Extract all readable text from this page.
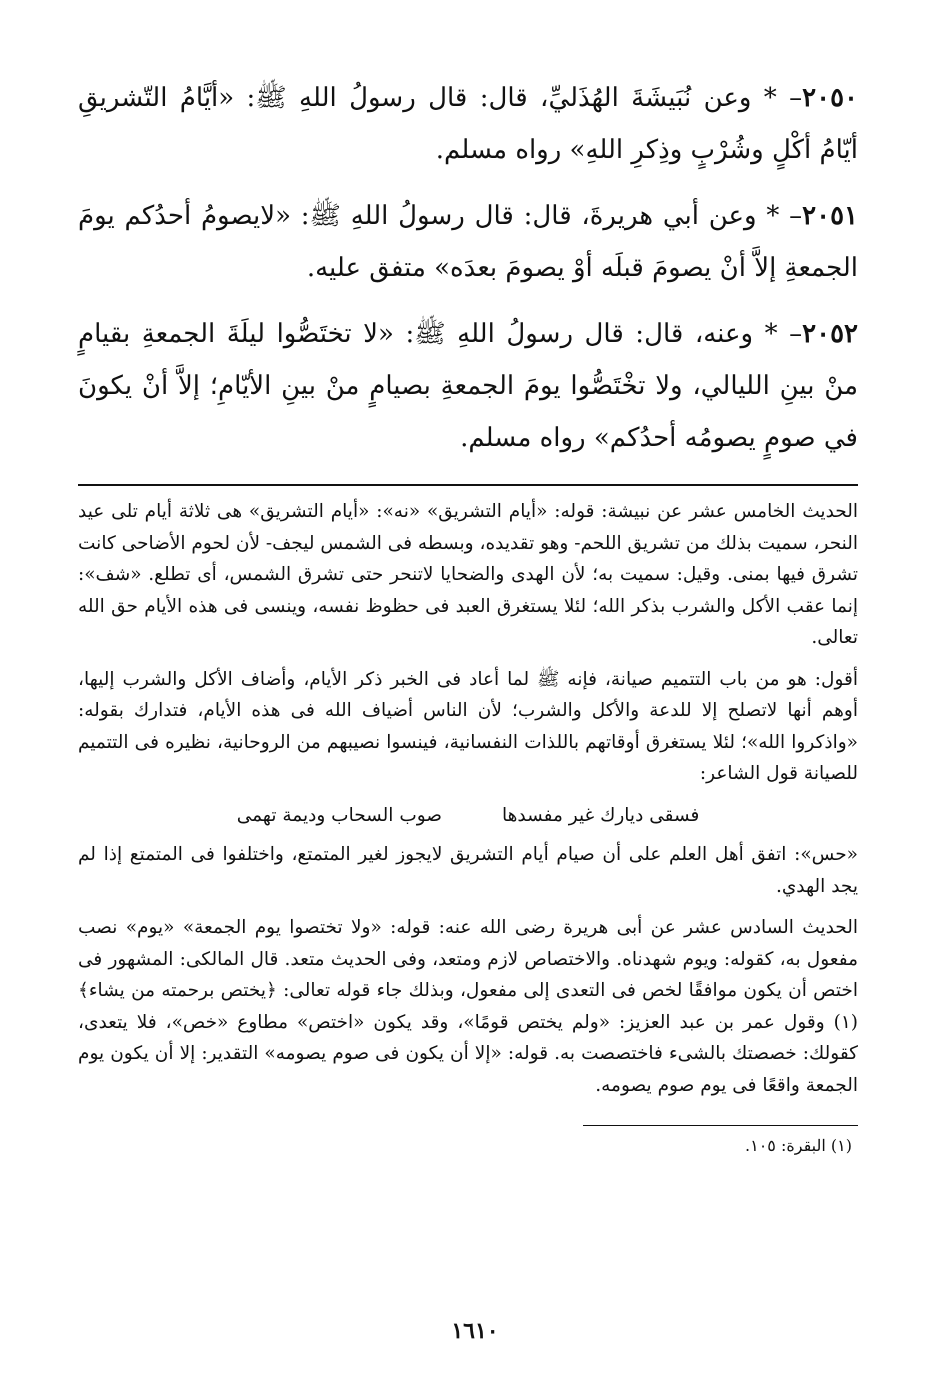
٢٠٥٠– * وعن نُبَيشَةَ الهُذَليِّ، قال: قال رسولُ اللهِ ﷺ: «أيَّامُ التّشريقِ أيّامُ أكْلٍ وشُرْبٍ وذِكرِ اللهِ» رواه مسلم.

٢٠٥١– * وعن أبي هريرةَ، قال: قال رسولُ اللهِ ﷺ: «لايصومُ أحدُكم يومَ الجمعةِ إلاَّ أنْ يصومَ قبلَه أوْ يصومَ بعدَه» متفق عليه.

٢٠٥٢– * وعنه، قال: قال رسولُ اللهِ ﷺ: «لا تختَصُّوا ليلَةَ الجمعةِ بقيامٍ منْ بينِ الليالي، ولا تخْتَصُّوا يومَ الجمعةِ بصيامٍ منْ بينِ الأيّامِ؛ إلاَّ أنْ يكونَ في صومٍ يصومُه أحدُكم» رواه مسلم.

الحديث الخامس عشر عن نبيشة: قوله: «أيام التشريق» «نه»: «أيام التشريق» هى ثلاثة أيام تلى عيد النحر، سميت بذلك من تشريق اللحم- وهو تقديده، وبسطه فى الشمس ليجف- لأن لحوم الأضاحى كانت تشرق فيها بمنى. وقيل: سميت به؛ لأن الهدى والضحايا لاتنحر حتى تشرق الشمس، أى تطلع. «شف»: إنما عقب الأكل والشرب بذكر الله؛ لئلا يستغرق العبد فى حظوظ نفسه، وينسى فى هذه الأيام حق الله تعالى.

أقول: هو من باب التتميم صيانة، فإنه ﷺ لما أعاد فى الخبر ذكر الأيام، وأضاف الأكل والشرب إليها، أوهم أنها لاتصلح إلا للدعة والأكل والشرب؛ لأن الناس أضياف الله فى هذه الأيام، فتدارك بقوله: «واذكروا الله»؛ لئلا يستغرق أوقاتهم باللذات النفسانية، فينسوا نصيبهم من الروحانية، نظيره فى التتميم للصيانة قول الشاعر:

فسقى ديارك غير مفسدها
صوب السحاب وديمة تهمى

«حس»: اتفق أهل العلم على أن صيام أيام التشريق لايجوز لغير المتمتع، واختلفوا فى المتمتع إذا لم يجد الهدي.

الحديث السادس عشر عن أبى هريرة رضى الله عنه: قوله: «ولا تختصوا يوم الجمعة» «يوم» نصب مفعول به، كقوله: ويوم شهدناه. والاختصاص لازم ومتعد، وفى الحديث متعد. قال المالكى: المشهور فى اختص أن يكون موافقًا لخص فى التعدى إلى مفعول، وبذلك جاء قوله تعالى: ﴿يختص برحمته من يشاء﴾(١) وقول عمر بن عبد العزيز: «ولم يختص قومًا»، وقد يكون «اختص» مطاوع «خص»، فلا يتعدى، كقولك: خصصتك بالشىء فاختصصت به. قوله: «إلا أن يكون فى صوم يصومه» التقدير: إلا أن يكون يوم الجمعة واقعًا فى يوم صوم يصومه.

(١) البقرة: ١٠٥.

١٦١٠
